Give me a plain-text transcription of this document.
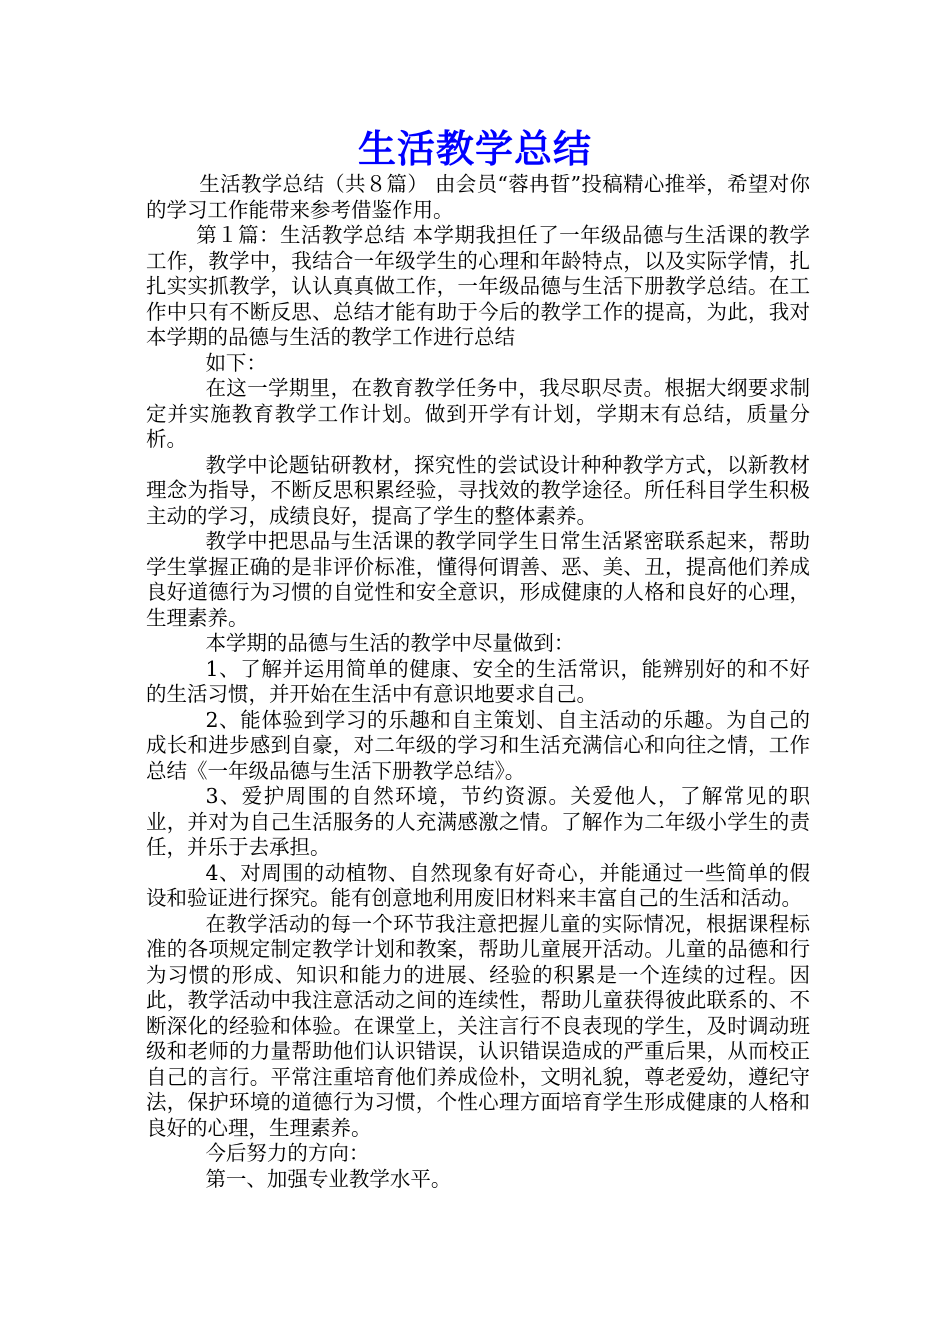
生活教学总结

生活教学总结（共８篇） 由会员“蓉冉晢”投稿精心推举，希望对你的学习工作能带来参考借鉴作用。

第１篇：生活教学总结 本学期我担任了一年级品德与生活课的教学工作，教学中，我结合一年级学生的心理和年龄特点，以及实际学情，扎扎实实抓教学，认认真真做工作，一年级品德与生活下册教学总结。在工作中只有不断反思、总结才能有助于今后的教学工作的提高，为此，我对本学期的品德与生活的教学工作进行总结

如下：

在这一学期里，在教育教学任务中，我尽职尽责。根据大纲要求制定并实施教育教学工作计划。做到开学有计划，学期末有总结，质量分析。

教学中论题钻研教材，探究性的尝试设计种种教学方式，以新教材理念为指导，不断反思积累经验，寻找效的教学途径。所任科目学生积极主动的学习，成绩良好，提高了学生的整体素养。

教学中把思品与生活课的教学同学生日常生活紧密联系起来，帮助学生掌握正确的是非评价标准，懂得何谓善、恶、美、丑，提高他们养成良好道德行为习惯的自觉性和安全意识，形成健康的人格和良好的心理，生理素养。

本学期的品德与生活的教学中尽量做到：

1、了解并运用简单的健康、安全的生活常识，能辨别好的和不好的生活习惯，并开始在生活中有意识地要求自己。

2、能体验到学习的乐趣和自主策划、自主活动的乐趣。为自己的成长和进步感到自豪，对二年级的学习和生活充满信心和向往之情，工作总结《一年级品德与生活下册教学总结》。

3、爱护周围的自然环境，节约资源。关爱他人，了解常见的职业，并对为自己生活服务的人充满感激之情。了解作为二年级小学生的责任，并乐于去承担。

4、对周围的动植物、自然现象有好奇心，并能通过一些简单的假设和验证进行探究。能有创意地利用废旧材料来丰富自己的生活和活动。

在教学活动的每一个环节我注意把握儿童的实际情况，根据课程标准的各项规定制定教学计划和教案，帮助儿童展开活动。儿童的品德和行为习惯的形成、知识和能力的进展、经验的积累是一个连续的过程。因此，教学活动中我注意活动之间的连续性，帮助儿童获得彼此联系的、不断深化的经验和体验。在课堂上，关注言行不良表现的学生，及时调动班级和老师的力量帮助他们认识错误，认识错误造成的严重后果，从而校正自己的言行。平常注重培育他们养成俭朴，文明礼貌，尊老爱幼，遵纪守法，保护环境的道德行为习惯，个性心理方面培育学生形成健康的人格和良好的心理，生理素养。

今后努力的方向：

第一、加强专业教学水平。
